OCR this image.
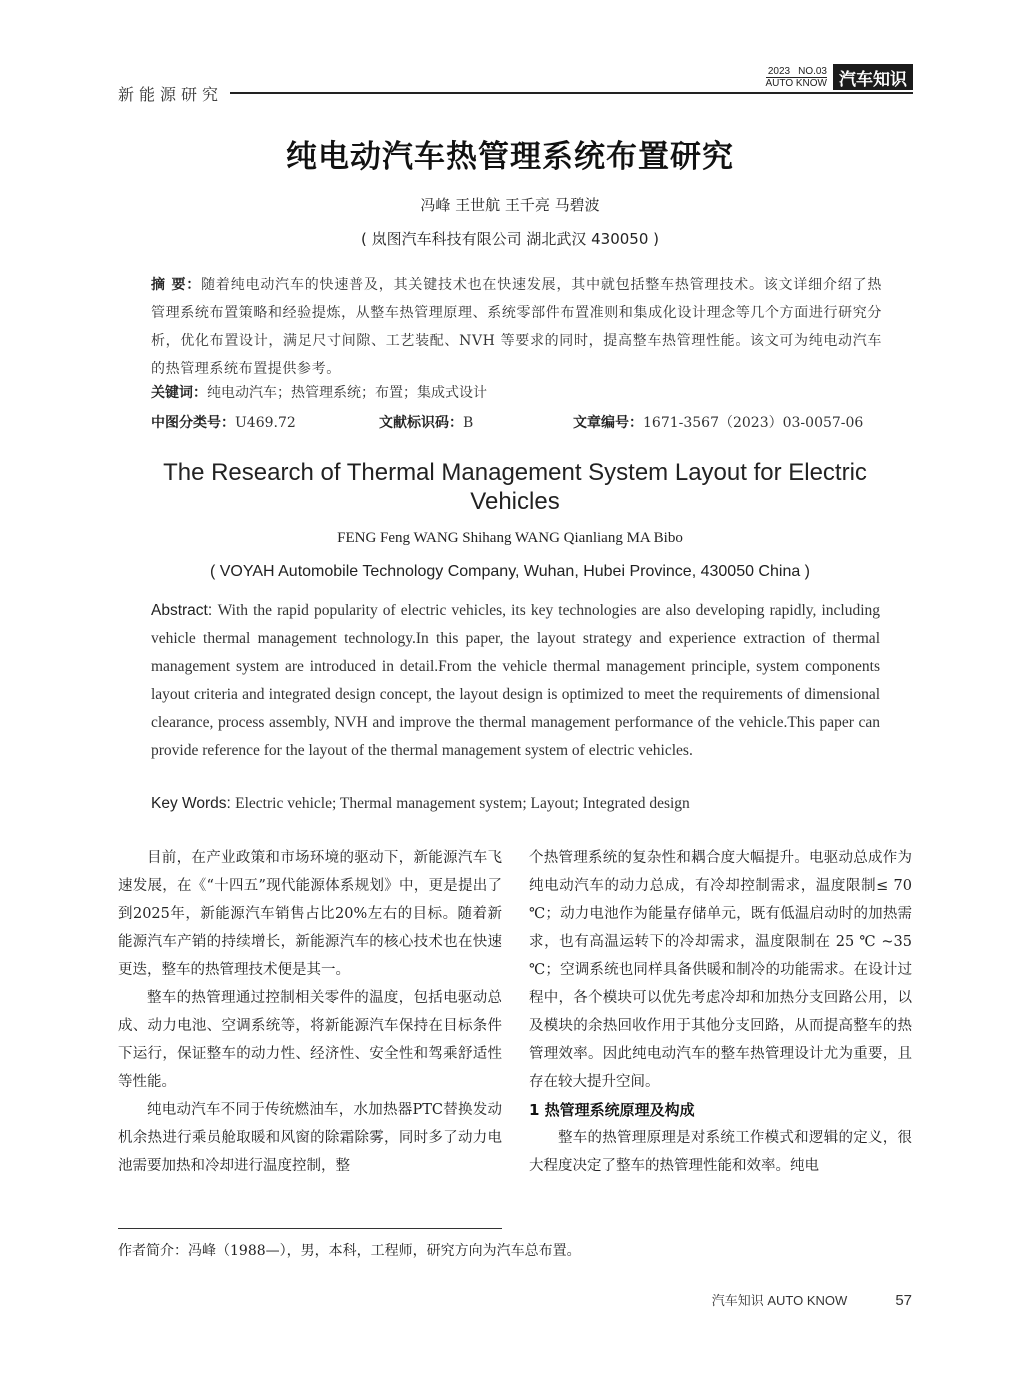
新能源研究
2023 NO.03
AUTO KNOW 汽车知识
纯电动汽车热管理系统布置研究
冯峰 王世航 王千亮 马碧波
( 岚图汽车科技有限公司 湖北武汉 430050 )
摘 要：随着纯电动汽车的快速普及，其关键技术也在快速发展，其中就包括整车热管理技术。该文详细介绍了热管理系统布置策略和经验提炼，从整车热管理原理、系统零部件布置准则和集成化设计理念等几个方面进行研究分析，优化布置设计，满足尺寸间隙、工艺装配、NVH 等要求的同时，提高整车热管理性能。该文可为纯电动汽车的热管理系统布置提供参考。
关键词：纯电动汽车；热管理系统；布置；集成式设计
中图分类号：U469.72	文献标识码：B	文章编号：1671-3567（2023）03-0057-06
The Research of Thermal Management System Layout for Electric Vehicles
FENG Feng WANG Shihang WANG Qianliang MA Bibo
( VOYAH Automobile Technology Company, Wuhan, Hubei Province, 430050 China )
Abstract: With the rapid popularity of electric vehicles, its key technologies are also developing rapidly, including vehicle thermal management technology.In this paper, the layout strategy and experience extraction of thermal management system are introduced in detail.From the vehicle thermal management principle, system components layout criteria and integrated design concept, the layout design is optimized to meet the requirements of dimensional clearance, process assembly, NVH and improve the thermal management performance of the vehicle.This paper can provide reference for the layout of the thermal management system of electric vehicles.
Key Words: Electric vehicle; Thermal management system; Layout; Integrated design

目前，在产业政策和市场环境的驱动下，新能源汽车飞速发展，在《“十四五”现代能源体系规划》中，更是提出了到2025年，新能源汽车销售占比20%左右的目标。随着新能源汽车产销的持续增长，新能源汽车的核心技术也在快速更迭，整车的热管理技术便是其一。

整车的热管理通过控制相关零件的温度，包括电驱动总成、动力电池、空调系统等，将新能源汽车保持在目标条件下运行，保证整车的动力性、经济性、安全性和驾乘舒适性等性能。

纯电动汽车不同于传统燃油车，水加热器PTC替换发动机余热进行乘员舱取暖和风窗的除霜除雾，同时多了动力电池需要加热和冷却进行温度控制，整

个热管理系统的复杂性和耦合度大幅提升。电驱动总成作为纯电动汽车的动力总成，有冷却控制需求，温度限制≤ 70 ℃；动力电池作为能量存储单元，既有低温启动时的加热需求，也有高温运转下的冷却需求，温度限制在 25 ℃ ~35 ℃；空调系统也同样具备供暖和制冷的功能需求。在设计过程中，各个模块可以优先考虑冷却和加热分支回路公用，以及模块的余热回收作用于其他分支回路，从而提高整车的热管理效率。因此纯电动汽车的整车热管理设计尤为重要，且存在较大提升空间。

1 热管理系统原理及构成

整车的热管理原理是对系统工作模式和逻辑的定义，很大程度决定了整车的热管理性能和效率。纯电

作者简介：冯峰（1988—），男，本科，工程师，研究方向为汽车总布置。
汽车知识 AUTO KNOW	57
